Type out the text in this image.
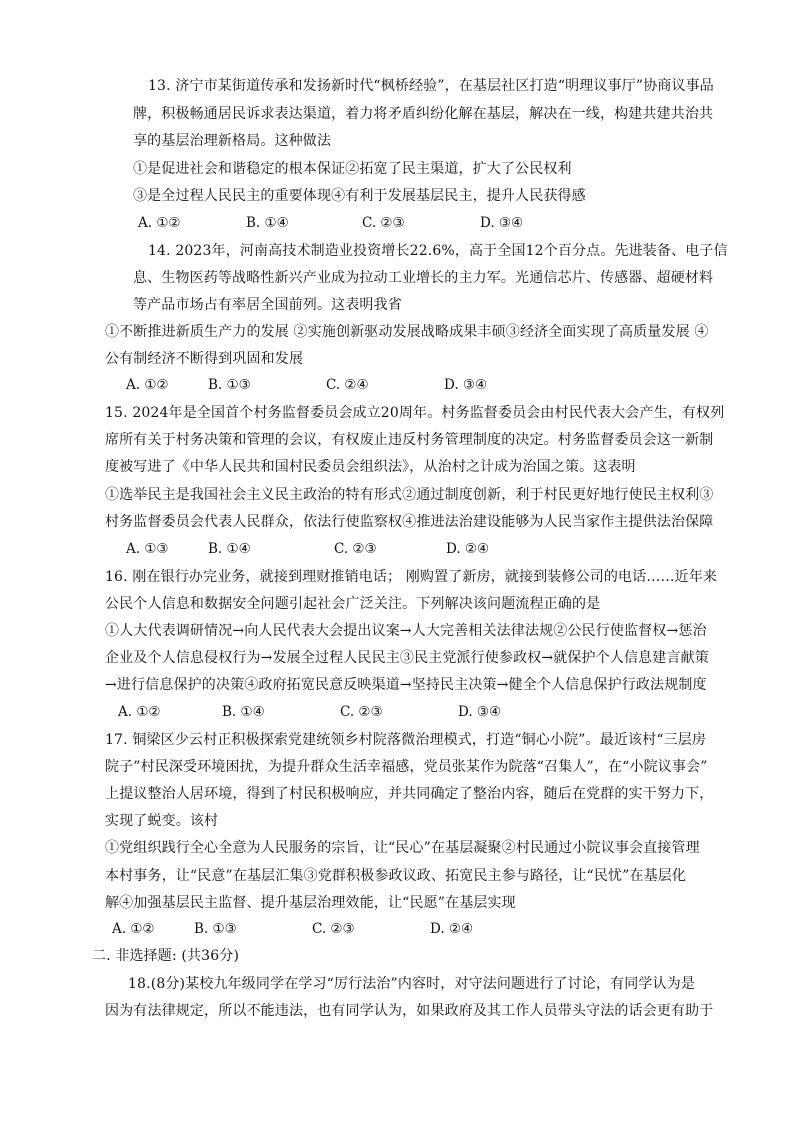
13. 济宁市某街道传承和发扬新时代“枫桥经验”，在基层社区打造“明理议事厅”协商议事品
牌，积极畅通居民诉求表达渠道，着力将矛盾纠纷化解在基层，解决在一线，构建共建共治共
享的基层治理新格局。这种做法
①是促进社会和谐稳定的根本保证②拓宽了民主渠道，扩大了公民权利
③是全过程人民民主的重要体现④有利于发展基层民主，提升人民获得感
A. ①②	B. ①④	C. ②③	D. ③④
14. 2023年，河南高技术制造业投资增长22.6%，高于全国12个百分点。先进装备、电子信
息、生物医药等战略性新兴产业成为拉动工业增长的主力军。光通信芯片、传感器、超硬材料
等产品市场占有率居全国前列。这表明我省
①不断推进新质生产力的发展 ②实施创新驱动发展战略成果丰硕③经济全面实现了高质量发展 ④
公有制经济不断得到巩固和发展
A. ①②	B. ①③	C. ②④	D. ③④
15. 2024年是全国首个村务监督委员会成立20周年。村务监督委员会由村民代表大会产生，有权列
席所有关于村务决策和管理的会议，有权废止违反村务管理制度的决定。村务监督委员会这一新制
度被写进了《中华人民共和国村民委员会组织法》，从治村之计成为治国之策。这表明
①选举民主是我国社会主义民主政治的特有形式②通过制度创新，利于村民更好地行使民主权利③
村务监督委员会代表人民群众，依法行使监察权④推进法治建设能够为人民当家作主提供法治保障
A. ①③	B. ①④	C. ②③	D. ②④
16. 刚在银行办完业务，就接到理财推销电话； 刚购置了新房，就接到装修公司的电话……近年来
公民个人信息和数据安全问题引起社会广泛关注。下列解决该问题流程正确的是
①人大代表调研情况→向人民代表大会提出议案→人大完善相关法律法规②公民行使监督权→惩治
企业及个人信息侵权行为→发展全过程人民民主③民主党派行使参政权→就保护个人信息建言献策
→进行信息保护的决策④政府拓宽民意反映渠道→坚持民主决策→健全个人信息保护行政法规制度
A. ①②	B. ①④	C. ②③	D. ③④
17. 铜梁区少云村正积极探索党建统领乡村院落微治理模式，打造“铜心小院”。最近该村“三层房
院子”村民深受环境困扰，为提升群众生活幸福感，党员张某作为院落“召集人”，在“小院议事会”
上提议整治人居环境，得到了村民积极响应，并共同确定了整治内容，随后在党群的实干努力下，
实现了蜕变。该村
①党组织践行全心全意为人民服务的宗旨，让“民心”在基层凝聚②村民通过小院议事会直接管理
本村事务，让“民意”在基层汇集③党群积极参政议政、拓宽民主参与路径，让“民忧”在基层化
解④加强基层民主监督、提升基层治理效能，让“民愿”在基层实现
A. ①②	B. ①③	C. ②③	D. ②④
二. 非选择题: (共36分)
18.(8分)某校九年级同学在学习“厉行法治”内容时，对守法问题进行了讨论，有同学认为是
因为有法律规定，所以不能违法，也有同学认为，如果政府及其工作人员带头守法的话会更有助于
